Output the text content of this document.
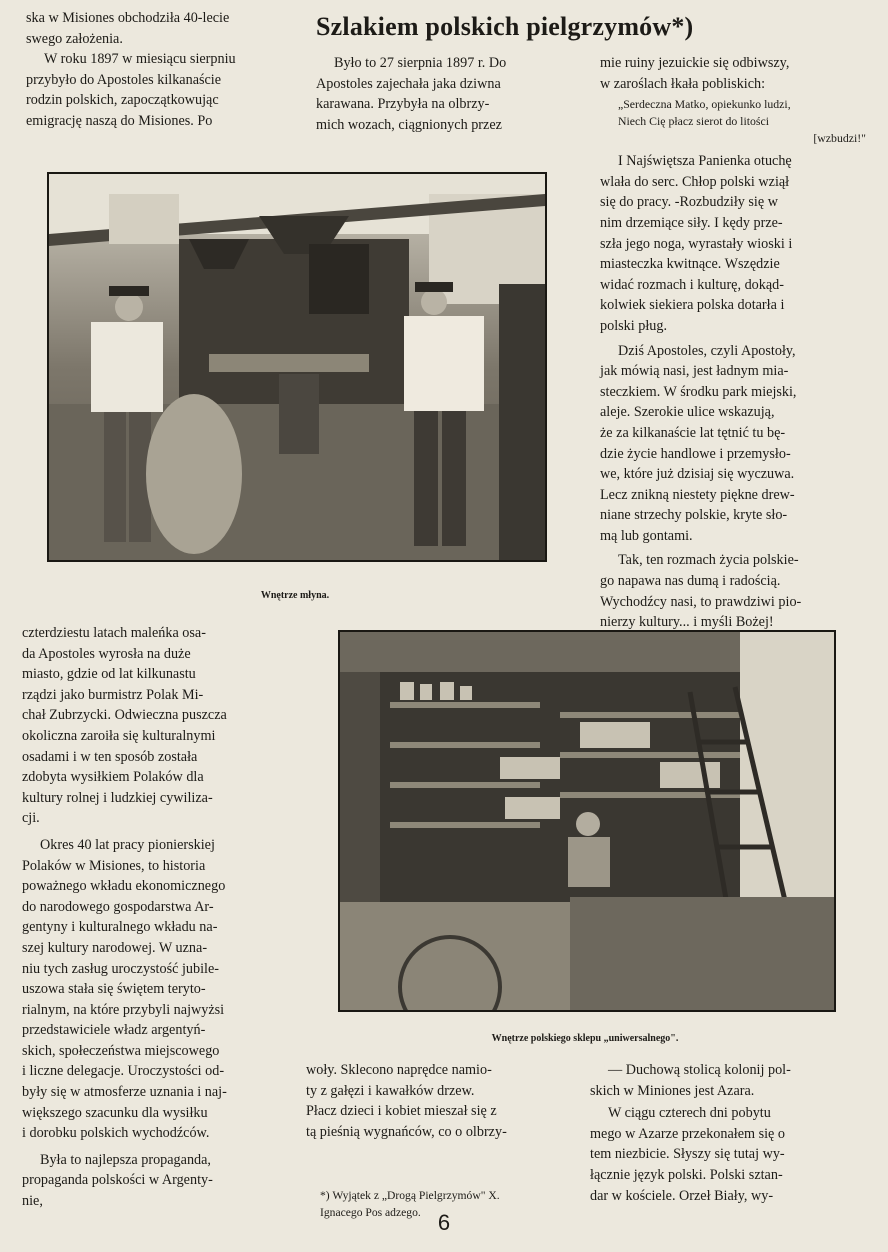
ska w Misiones obchodziła 40-lecie
swego założenia.

W roku 1897 w miesiącu sierpniu
przybyło do Apostoles kilkanaście
rodzin polskich, zapoczątkowując
emigrację naszą do Misiones. Po

Szlakiem polskich pielgrzymów*)

Było to 27 sierpnia 1897 r. Do
Apostoles zajechała jaka dziwna
karawana. Przybyła na olbrzy-
mich wozach, ciągnionych przez

mie ruiny jezuickie się odbiwszy,
w zaroślach łkała pobliskich:

„Serdeczna Matko, opiekunko ludzi,

Niech Cię płacz sierot do litości

[wzbudzi!"

I Najświętsza Panienka otuchę
wlała do serc. Chłop polski wziął
się do pracy. -Rozbudziły się w
nim drzemiące siły. I kędy prze-
szła jego noga, wyrastały wioski i
miasteczka kwitnące. Wszędzie
widać rozmach i kulturę, dokąd-
kolwiek siekiera polska dotarła i
polski pług.

Dziś Apostoles, czyli Apostoły,
jak mówią nasi, jest ładnym mia-
steczkiem. W środku park miejski,
aleje. Szerokie ulice wskazują,
że za kilkanaście lat tętnić tu bę-
dzie życie handlowe i przemysło-
we, które już dzisiaj się wyczuwa.
Lecz znikną niestety piękne drew-
niane strzechy polskie, kryte sło-
mą lub gontami.

Tak, ten rozmach życia polskie-
go napawa nas dumą i radością.
Wychodźcy nasi, to prawdziwi pio-
nierzy kultury... i myśli Bożej!

Wnętrze młyna.

czterdziestu latach maleńka osa-
da Apostoles wyrosła na duże
miasto, gdzie od lat kilkunastu
rządzi jako burmistrz Polak Mi-
chał Zubrzycki. Odwieczna puszcza
okoliczna zaroiła się kulturalnymi
osadami i w ten sposób została
zdobyta wysiłkiem Polaków dla
kultury rolnej i ludzkiej cywiliza-
cji.

Okres 40 lat pracy pionierskiej
Polaków w Misiones, to historia
poważnego wkładu ekonomicznego
do narodowego gospodarstwa Ar-
gentyny i kulturalnego wkładu na-
szej kultury narodowej. W uzna-
niu tych zasług uroczystość jubile-
uszowa stała się świętem teryto-
rialnym, na które przybyli najwyżsi
przedstawiciele władz argentyń-
skich, społeczeństwa miejscowego
i liczne delegacje. Uroczystości od-
były się w atmosferze uznania i naj-
większego szacunku dla wysiłku
i dorobku polskich wychodźców.

Była to najlepsza propaganda,
propaganda polskości w Argenty-
nie,

Wnętrze polskiego sklepu „uniwersalnego".

woły. Sklecono naprędce namio-
ty z gałęzi i kawałków drzew.
Płacz dzieci i kobiet mieszał się z
tą pieśnią wygnańców, co o olbrzy-

*) Wyjątek z „Drogą Pielgrzymów" X.
Ignacego Pos adzego.

— Duchową stolicą kolonij pol-
skich w Miniones jest Azara.

W ciągu czterech dni pobytu
mego w Azarze przekonałem się o
tem niezbicie. Słyszy się tutaj wy-
łącznie język polski. Polski sztan-
dar w kościele. Orzeł Biały, wy-

6
